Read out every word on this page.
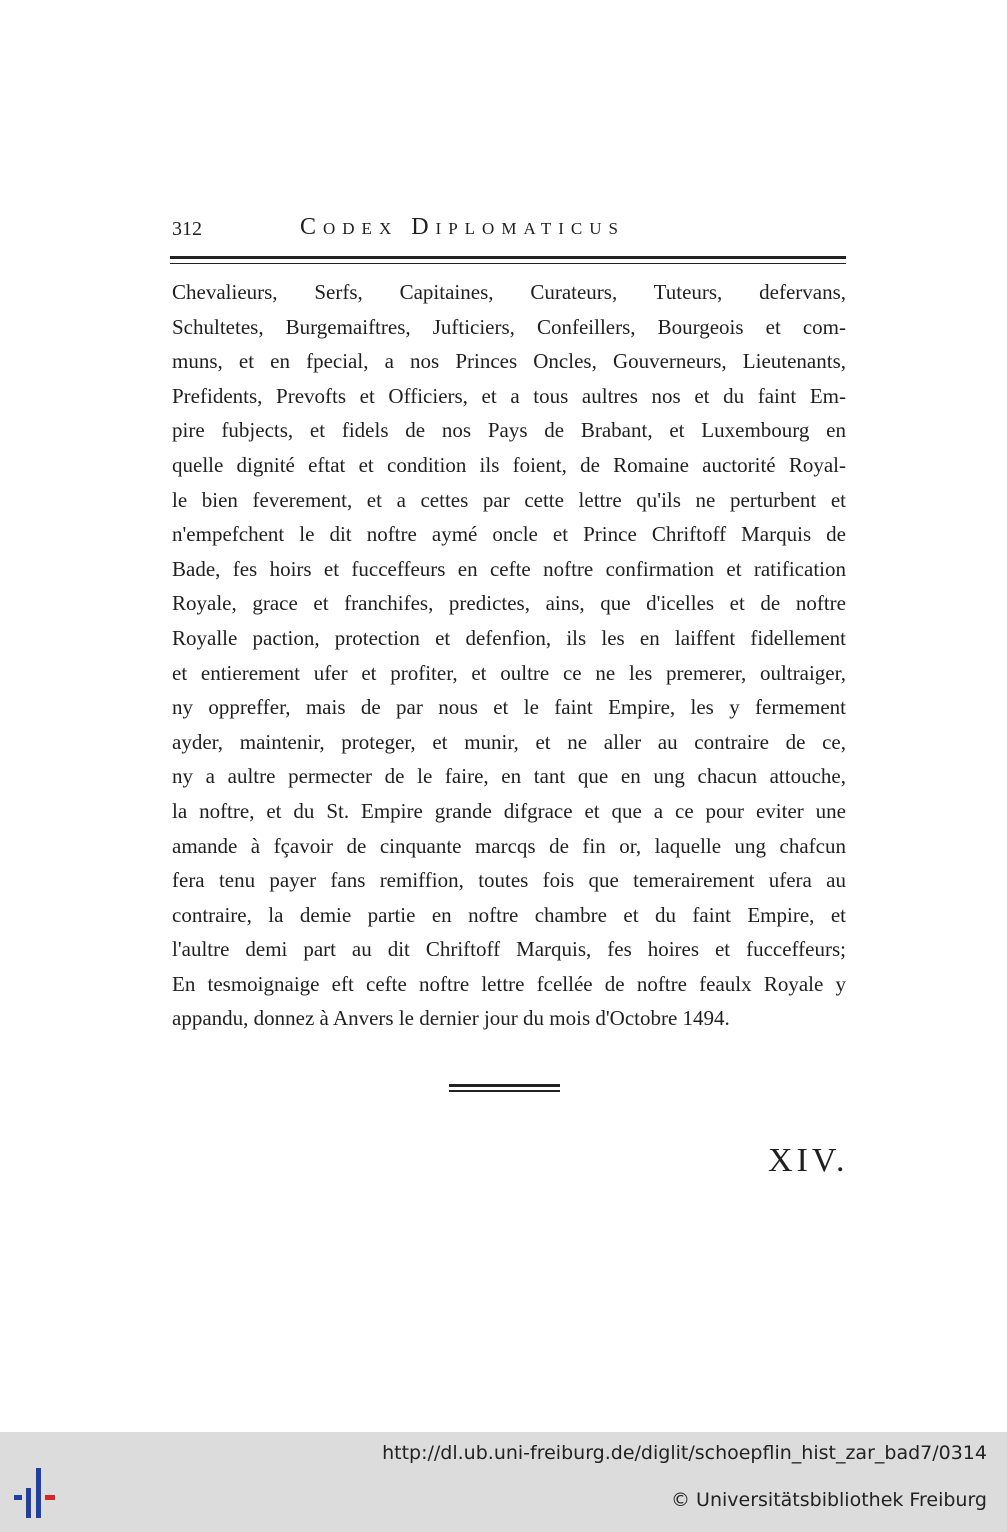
312	Codex Diplomaticus
Chevalieurs, Serfs, Capitaines, Curateurs, Tuteurs, defervans,
Schultetes, Burgemaiftres, Jufticiers, Confeillers, Bourgeois et com-
muns, et en fpecial, a nos Princes Oncles, Gouverneurs, Lieutenants,
Prefidents, Prevofts et Officiers, et a tous aultres nos et du faint Em-
pire fubjects, et fidels de nos Pays de Brabant, et Luxembourg en
quelle dignité eftat et condition ils foient, de Romaine auctorité Royal-
le bien feverement, et a cettes par cette lettre qu'ils ne perturbent et
n'empefchent le dit noftre aymé oncle et Prince Chriftoff Marquis de
Bade, fes hoirs et fucceffeurs en cefte noftre confirmation et ratification
Royale, grace et franchifes, predictes, ains, que d'icelles et de noftre
Royalle paction, protection et defenfion, ils les en laiffent fidellement
et entierement ufer et profiter, et oultre ce ne les premerer, oultraiger,
ny oppreffer, mais de par nous et le faint Empire, les y fermement
ayder, maintenir, proteger, et munir, et ne aller au contraire de ce,
ny a aultre permecter de le faire, en tant que en ung chacun attouche,
la noftre, et du St. Empire grande difgrace et que a ce pour eviter une
amande à fçavoir de cinquante marcqs de fin or, laquelle ung chafcun
fera tenu payer fans remiffion, toutes fois que temerairement ufera au
contraire, la demie partie en noftre chambre et du faint Empire, et
l'aultre demi part au dit Chriftoff Marquis, fes hoires et fucceffeurs;
En tesmoignaige eft cefte noftre lettre fcellée de noftre feaulx Royale y
appandu, donnez à Anvers le dernier jour du mois d'Octobre 1494.
XIV.
http://dl.ub.uni-freiburg.de/diglit/schoepflin_hist_zar_bad7/0314
© Universitätsbibliothek Freiburg
